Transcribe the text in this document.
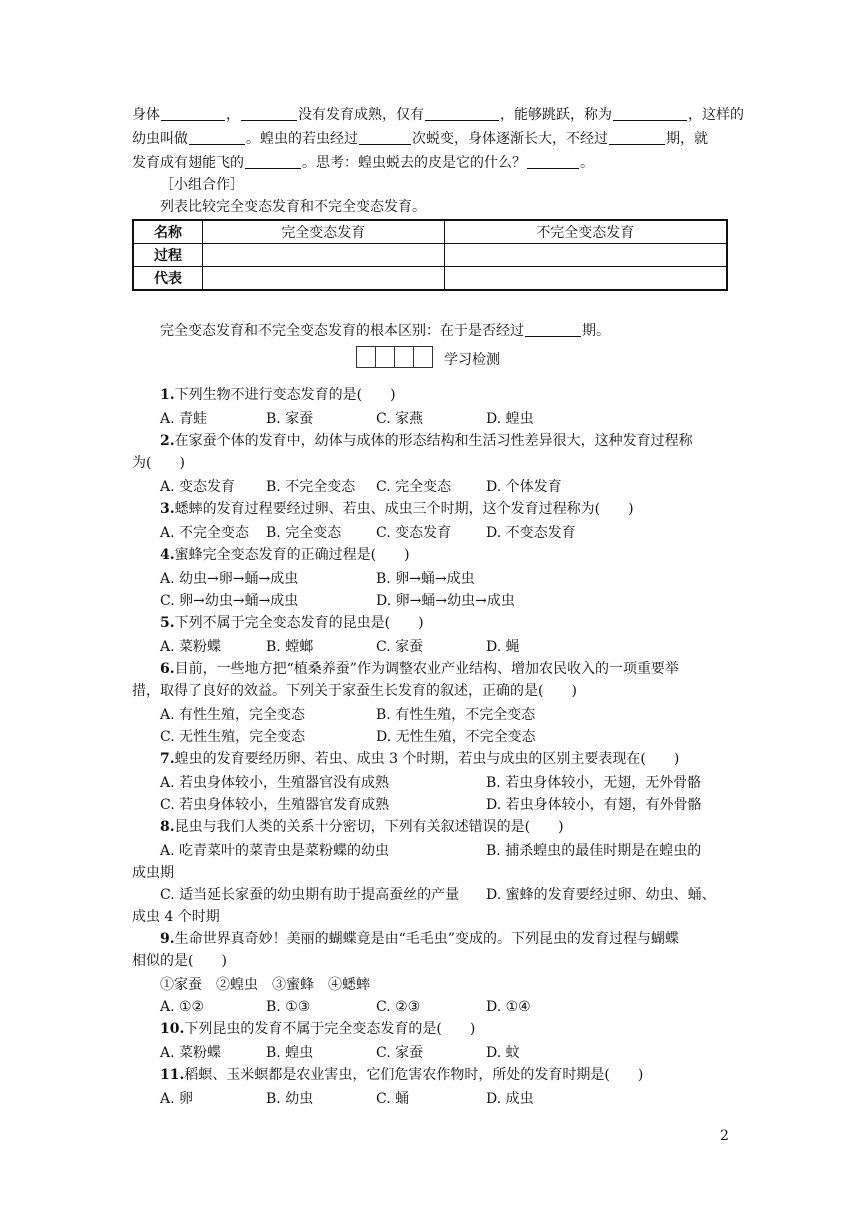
身体	，	没有发育成熟，仅有	，能够跳跃，称为	，这样的
幼虫叫做	。蝗虫的若虫经过	次蜕变，身体逐渐长大，不经过	期，就
发育成有翅能飞的	。思考：蝗虫蜕去的皮是它的什么？	。
［小组合作］
列表比较完全变态发育和不完全变态发育。
名称	完全变态发育	不完全变态发育
过程		
代表		
完全变态发育和不完全变态发育的根本区别：在于是否经过	期。
学习检测
1.下列生物不进行变态发育的是(　　)
A. 青蛙	B. 家蚕	C. 家燕	D. 蝗虫
2.在家蚕个体的发育中，幼体与成体的形态结构和生活习性差异很大，这种发育过程称
为(　　)
A. 变态发育 B. 不完全变态 C. 完全变态 D. 个体发育
3.蟋蟀的发育过程要经过卵、若虫、成虫三个时期，这个发育过程称为(　　)
A. 不完全变态 B. 完全变态 C. 变态发育 D. 不变态发育
4.蜜蜂完全变态发育的正确过程是(　　)
A. 幼虫→卵→蛹→成虫	B. 卵→蛹→成虫
C. 卵→幼虫→蛹→成虫	D. 卵→蛹→幼虫→成虫
5.下列不属于完全变态发育的昆虫是(　　)
A. 菜粉蝶	B. 螳螂	C. 家蚕	D. 蝇
6.目前，一些地方把“植桑养蚕”作为调整农业产业结构、增加农民收入的一项重要举
措，取得了良好的效益。下列关于家蚕生长发育的叙述，正确的是(　　)
A. 有性生殖，完全变态	B. 有性生殖，不完全变态
C. 无性生殖，完全变态	D. 无性生殖，不完全变态
7.蝗虫的发育要经历卵、若虫、成虫 3 个时期，若虫与成虫的区别主要表现在(　　)
A. 若虫身体较小，生殖器官没有成熟	B. 若虫身体较小，无翅，无外骨骼
C. 若虫身体较小，生殖器官发育成熟	D. 若虫身体较小，有翅，有外骨骼
8.昆虫与我们人类的关系十分密切，下列有关叙述错误的是(　　)
A. 吃青菜叶的菜青虫是菜粉蝶的幼虫	B. 捕杀蝗虫的最佳时期是在蝗虫的
成虫期
C. 适当延长家蚕的幼虫期有助于提高蚕丝的产量 D. 蜜蜂的发育要经过卵、幼虫、蛹、
成虫 4 个时期
9.生命世界真奇妙！美丽的蝴蝶竟是由“毛毛虫”变成的。下列昆虫的发育过程与蝴蝶
相似的是(　　)
①家蚕　②蝗虫　③蜜蜂　④蟋蟀
A. ①②	B. ①③	C. ②③	D. ①④
10.下列昆虫的发育不属于完全变态发育的是(　　)
A. 菜粉蝶	B. 蝗虫	C. 家蚕	D. 蚊
11.稻螟、玉米螟都是农业害虫，它们危害农作物时，所处的发育时期是(　　)
A. 卵	B. 幼虫	C. 蛹	D. 成虫
2
